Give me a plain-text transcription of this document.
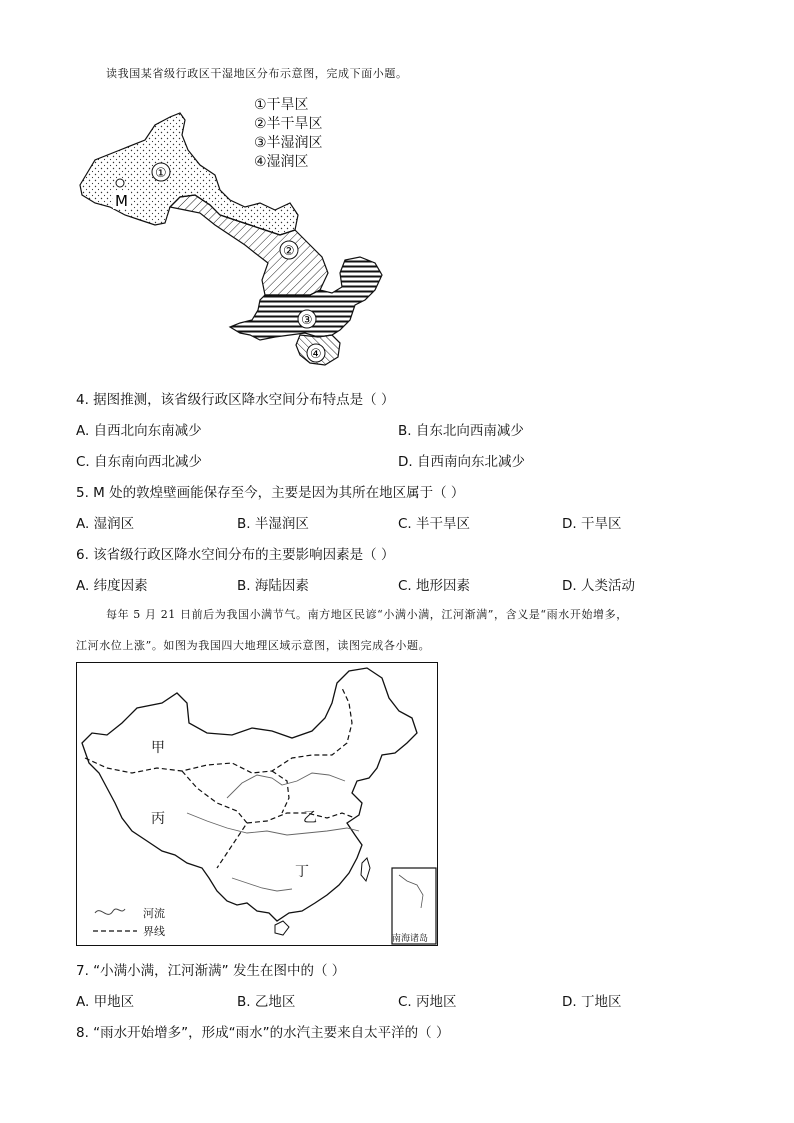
读我国某省级行政区干湿地区分布示意图，完成下面小题。
M
①
②
③
④
①干旱区
②半干旱区
③半湿润区
④湿润区
4. 据图推测，该省级行政区降水空间分布特点是（ ）
A. 自西北向东南减少	B. 自东北向西南减少
C. 自东南向西北减少	D. 自西南向东北减少
5. M 处的敦煌壁画能保存至今，主要是因为其所在地区属于（ ）
A. 湿润区	B. 半湿润区	C. 半干旱区	D. 干旱区
6. 该省级行政区降水空间分布的主要影响因素是（ ）
A. 纬度因素	B. 海陆因素	C. 地形因素	D. 人类活动
每年 5 月 21 日前后为我国小满节气。南方地区民谚“小满小满，江河渐满”，含义是“雨水开始增多，
江河水位上涨”。如图为我国四大地理区域示意图，读图完成各小题。
甲
乙
丙
丁
河流
界线
南海诸岛
7. “小满小满，江河渐满” 发生在图中的（ ）
A. 甲地区	B. 乙地区	C. 丙地区	D. 丁地区
8. “雨水开始增多”，形成“雨水”的水汽主要来自太平洋的（ ）
